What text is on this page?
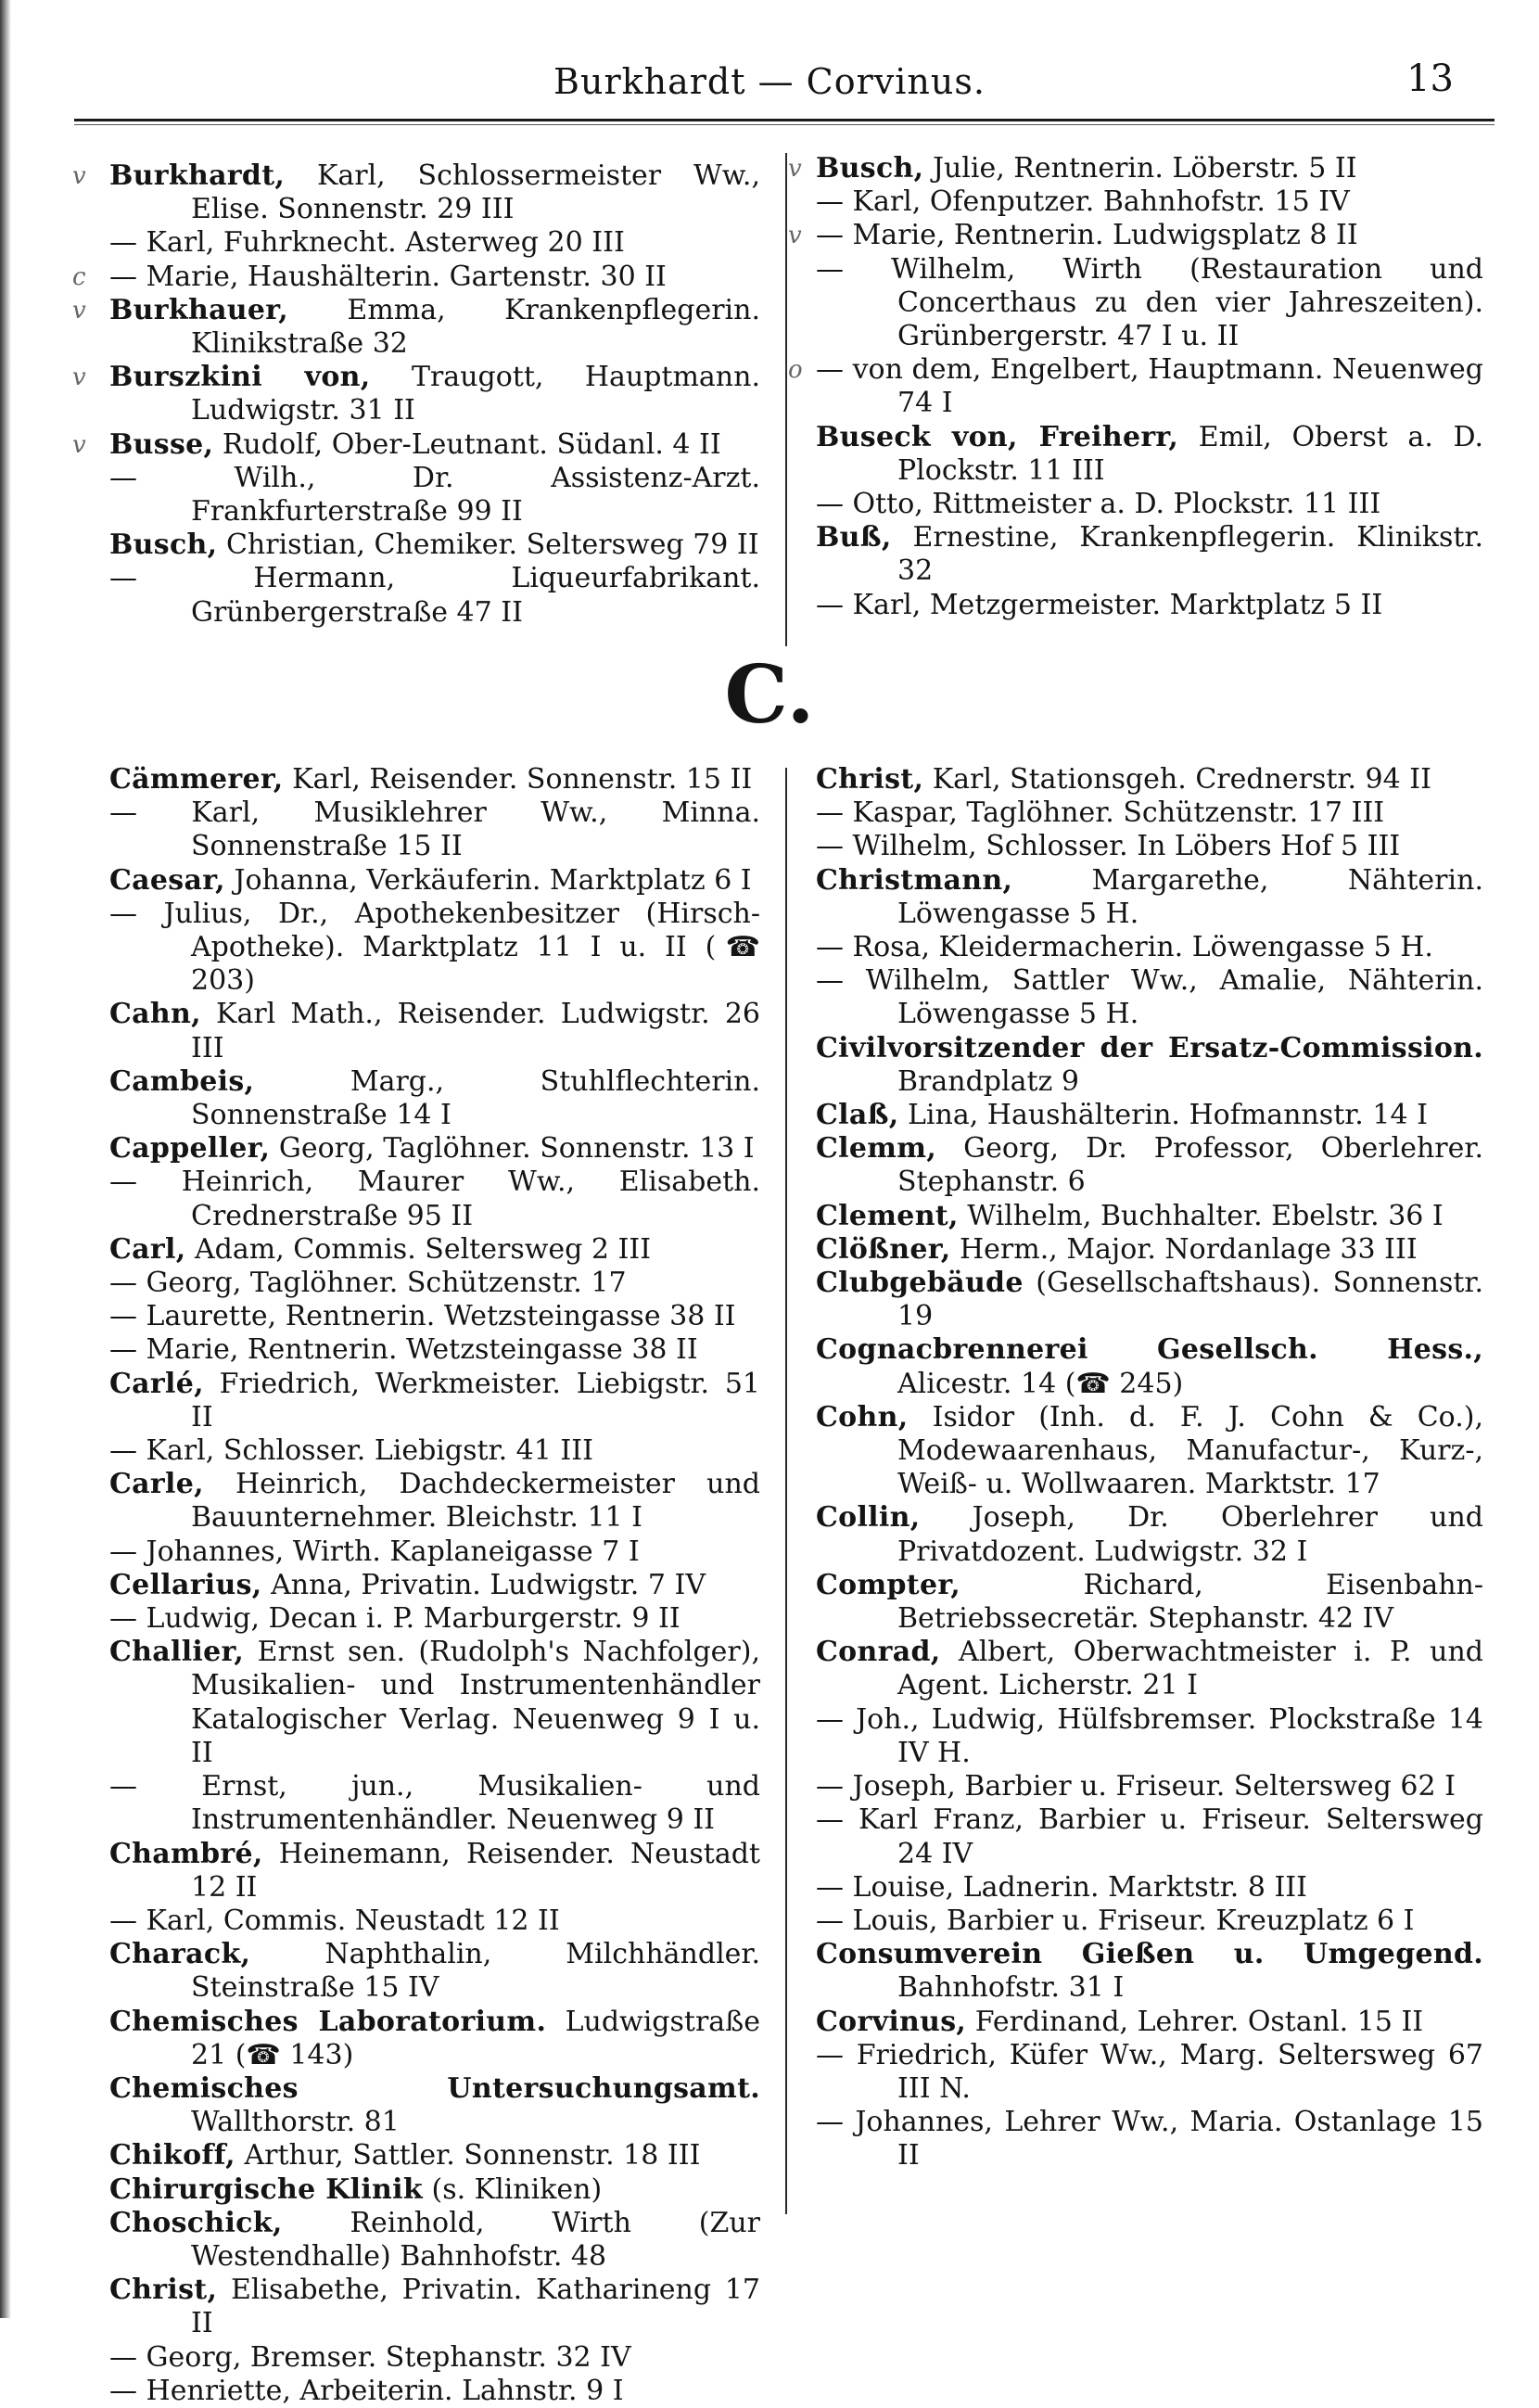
Burkhardt — Corvinus.	13
v Burkhardt, Karl, Schlossermeister Ww., Elise. Sonnenstr. 29 III
— Karl, Fuhrknecht. Asterweg 20 III
c — Marie, Haushälterin. Gartenstr. 30 II
v Burkhauer, Emma, Krankenpflegerin. Klinikstraße 32
v Burszkini von, Traugott, Hauptmann. Ludwigstr. 31 II
v Busse, Rudolf, Ober-Leutnant. Südanl. 4 II
— Wilh., Dr. Assistenz-Arzt. Frankfurterstraße 99 II
Busch, Christian, Chemiker. Seltersweg 79 II
— Hermann, Liqueurfabrikant. Grünbergerstraße 47 II
v Busch, Julie, Rentnerin. Löberstr. 5 II
— Karl, Ofenputzer. Bahnhofstr. 15 IV
v — Marie, Rentnerin. Ludwigsplatz 8 II
— Wilhelm, Wirth (Restauration und Concerthaus zu den vier Jahreszeiten). Grünbergerstr. 47 I u. II
o — von dem, Engelbert, Hauptmann. Neuenweg 74 I
Buseck von, Freiherr, Emil, Oberst a. D. Plockstr. 11 III
— Otto, Rittmeister a. D. Plockstr. 11 III
Buß, Ernestine, Krankenpflegerin. Klinikstr. 32
— Karl, Metzgermeister. Marktplatz 5 II
C.
Cämmerer, Karl, Reisender. Sonnenstr. 15 II
— Karl, Musiklehrer Ww., Minna. Sonnenstraße 15 II
Caesar, Johanna, Verkäuferin. Marktplatz 6 I
— Julius, Dr., Apothekenbesitzer (Hirsch-Apotheke). Marktplatz 11 I u. II (☎ 203)
Cahn, Karl Math., Reisender. Ludwigstr. 26 III
Cambeis,	Marg., Stuhlflechterin. Sonnenstraße 14 I
Cappeller, Georg, Taglöhner. Sonnenstr. 13 I
— Heinrich, Maurer Ww., Elisabeth. Crednerstraße 95 II
Carl, Adam, Commis. Seltersweg 2 III
— Georg, Taglöhner. Schützenstr. 17
— Laurette, Rentnerin. Wetzsteingasse 38 II
— Marie, Rentnerin. Wetzsteingasse 38 II
Carlé, Friedrich, Werkmeister. Liebigstr. 51 II
— Karl, Schlosser. Liebigstr. 41 III
Carle, Heinrich, Dachdeckermeister und Bauunternehmer. Bleichstr. 11 I
— Johannes, Wirth. Kaplaneigasse 7 I
Cellarius, Anna, Privatin. Ludwigstr. 7 IV
— Ludwig, Decan i. P. Marburgerstr. 9 II
Challier, Ernst sen. (Rudolph's Nachfolger), Musikalien- und Instrumentenhändler Katalogischer Verlag. Neuenweg 9 I u. II
— Ernst, jun., Musikalien- und Instrumentenhändler. Neuenweg 9 II
Chambré, Heinemann, Reisender. Neustadt 12 II
— Karl, Commis. Neustadt 12 II
Charack,	Naphthalin, Milchhändler. Steinstraße 15 IV
Chemisches Laboratorium. Ludwigstraße 21 (☎ 143)
Chemisches Untersuchungsamt. Wallthorstr. 81
Chikoff, Arthur, Sattler. Sonnenstr. 18 III
Chirurgische Klinik (s. Kliniken)
Choschick, Reinhold, Wirth (Zur Westendhalle) Bahnhofstr. 48
Christ, Elisabethe, Privatin. Katharineng 17 II
— Georg, Bremser. Stephanstr. 32 IV
— Henriette, Arbeiterin. Lahnstr. 9 I
Christ, Karl, Stationsgeh. Crednerstr. 94 II
— Kaspar, Taglöhner. Schützenstr. 17 III
— Wilhelm, Schlosser. In Löbers Hof 5 III
Christmann,	Margarethe, Nähterin. Löwengasse 5 H.
— Rosa, Kleidermacherin. Löwengasse 5 H.
— Wilhelm, Sattler Ww., Amalie, Nähterin. Löwengasse 5 H.
Civilvorsitzender der Ersatz-Commission. Brandplatz 9
Claß, Lina, Haushälterin. Hofmannstr. 14 I
Clemm, Georg, Dr. Professor, Oberlehrer. Stephanstr. 6
Clement, Wilhelm, Buchhalter. Ebelstr. 36 I
Clößner, Herm., Major. Nordanlage 33 III
Clubgebäude (Gesellschaftshaus). Sonnenstr. 19
Cognacbrennerei Gesellsch. Hess., Alicestr. 14 (☎ 245)
Cohn, Isidor (Inh. d. F. J. Cohn & Co.), Modewaarenhaus, Manufactur-, Kurz-, Weiß- u. Wollwaaren. Marktstr. 17
Collin, Joseph, Dr. Oberlehrer und Privatdozent. Ludwigstr. 32 I
Compter,	Richard, Eisenbahn-Betriebssecretär. Stephanstr. 42 IV
Conrad, Albert, Oberwachtmeister i. P. und Agent. Licherstr. 21 I
— Joh., Ludwig, Hülfsbremser. Plockstraße 14 IV H.
— Joseph, Barbier u. Friseur. Seltersweg 62 I
— Karl Franz, Barbier u. Friseur. Seltersweg 24 IV
— Louise, Ladnerin. Marktstr. 8 III
— Louis, Barbier u. Friseur. Kreuzplatz 6 I
Consumverein Gießen u. Umgegend. Bahnhofstr. 31 I
Corvinus, Ferdinand, Lehrer. Ostanl. 15 II
— Friedrich, Küfer Ww., Marg. Seltersweg 67 III N.
— Johannes, Lehrer Ww., Maria. Ostanlage 15 II
